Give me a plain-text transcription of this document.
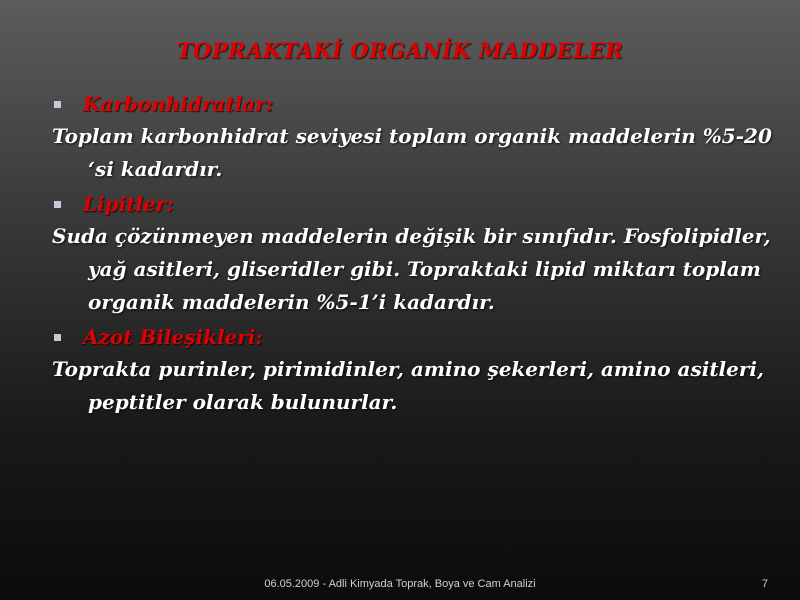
TOPRAKTAKİ ORGANİK MADDELER
Karbonhidratlar:
Toplam karbonhidrat seviyesi toplam organik maddelerin %5-20 ‘si kadardır.
Lipitler:
Suda çözünmeyen maddelerin değişik bir sınıfıdır. Fosfolipidler, yağ asitleri, gliseridler gibi. Topraktaki lipid miktarı toplam organik maddelerin %5-1’i kadardır.
Azot Bileşikleri:
Toprakta purinler, pirimidinler, amino şekerleri, amino asitleri, peptitler olarak bulunurlar.
06.05.2009 - Adli Kimyada Toprak, Boya ve Cam Analizi	7
